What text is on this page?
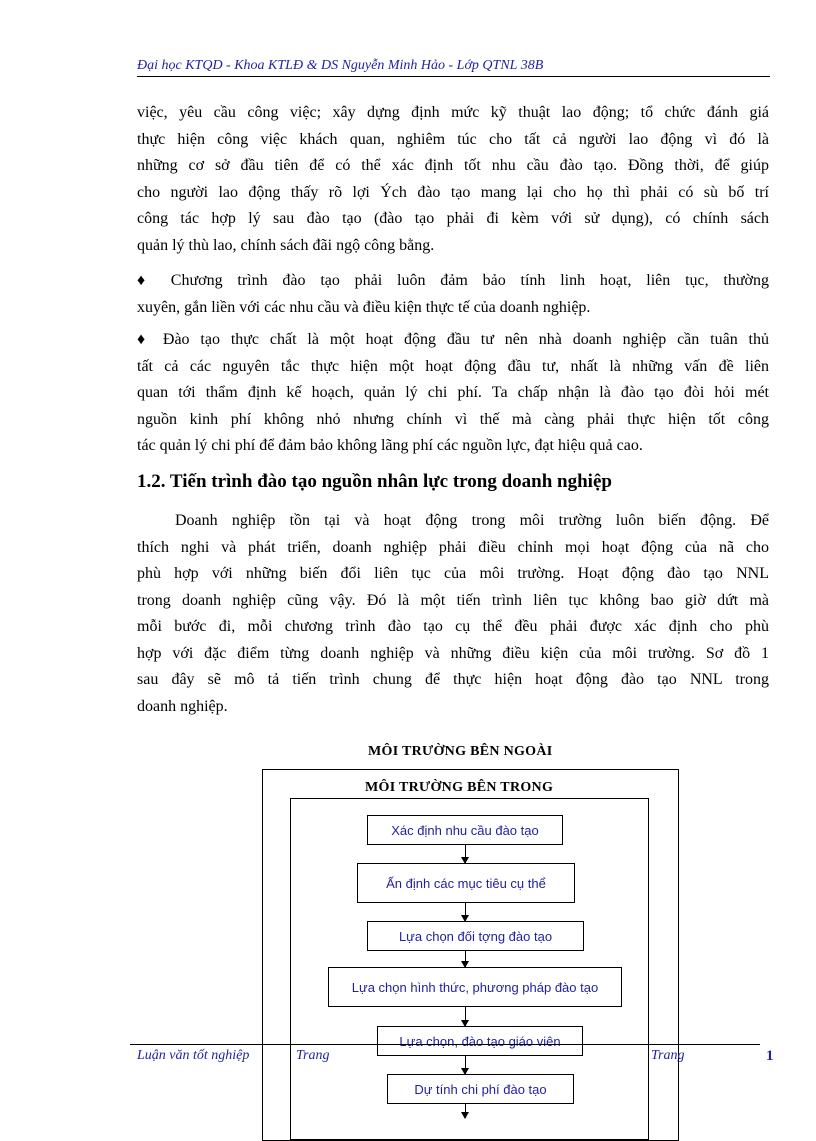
Đại học KTQD - Khoa KTLĐ & DS Nguyễn Minh Hảo - Lớp QTNL 38B
việc, yêu cầu công việc; xây dựng định mức kỹ thuật lao động; tổ chức đánh giá
thực hiện công việc khách quan, nghiêm túc cho tất cả người lao động vì đó là
những cơ sở đầu tiên để có thể xác định tốt nhu cầu đào tạo. Đồng thời, để giúp
cho người lao động thấy rõ lợi Ých đào tạo mang lại cho họ thì phải có sù bố trí
công tác hợp lý sau đào tạo (đào tạo phải đi kèm với sử dụng), có chính sách
quản lý thù lao, chính sách đãi ngộ công bằng.
♦ Chương trình đào tạo phải luôn đảm bảo tính linh hoạt, liên tục, thường
xuyên, gắn liền với các nhu cầu và điều kiện thực tế của doanh nghiệp.
♦ Đào tạo thực chất là một hoạt động đầu tư nên nhà doanh nghiệp cần tuân thủ
tất cả các nguyên tắc thực hiện một hoạt động đầu tư, nhất là những vấn đề liên
quan tới thẩm định kế hoạch, quản lý chi phí. Ta chấp nhận là đào tạo đòi hỏi mét
nguồn kinh phí không nhỏ nhưng chính vì thế mà càng phải thực hiện tốt công
tác quản lý chi phí để đảm bảo không lãng phí các nguồn lực, đạt hiệu quả cao.
1.2. Tiến trình đào tạo nguồn nhân lực trong doanh nghiệp
Doanh nghiệp tồn tại và hoạt động trong môi trường luôn biến động. Để
thích nghi và phát triển, doanh nghiệp phải điều chỉnh mọi hoạt động của nã cho
phù hợp với những biến đổi liên tục của môi trường. Hoạt động đào tạo NNL
trong doanh nghiệp cũng vậy. Đó là một tiến trình liên tục không bao giờ dứt mà
mỗi bước đi, mỗi chương trình đào tạo cụ thể đều phải được xác định cho phù
hợp với đặc điểm từng doanh nghiệp và những điều kiện của môi trường. Sơ đồ 1
sau đây sẽ mô tả tiến trình chung để thực hiện hoạt động đào tạo NNL trong
doanh nghiệp.
MÔI TRƯỜNG BÊN NGOÀI
MÔI TRƯỜNG BÊN TRONG
Xác định nhu cầu đào tạo
Ấn định các mục tiêu cụ thể
Lựa chọn đối tợng đào tạo
Lựa chọn hình thức, phương pháp đào tạo
Lựa chọn, đào tạo giáo viên
Dự tính chi phí đào tạo
Luận văn tốt nghiệp	Trang	Trang	1
